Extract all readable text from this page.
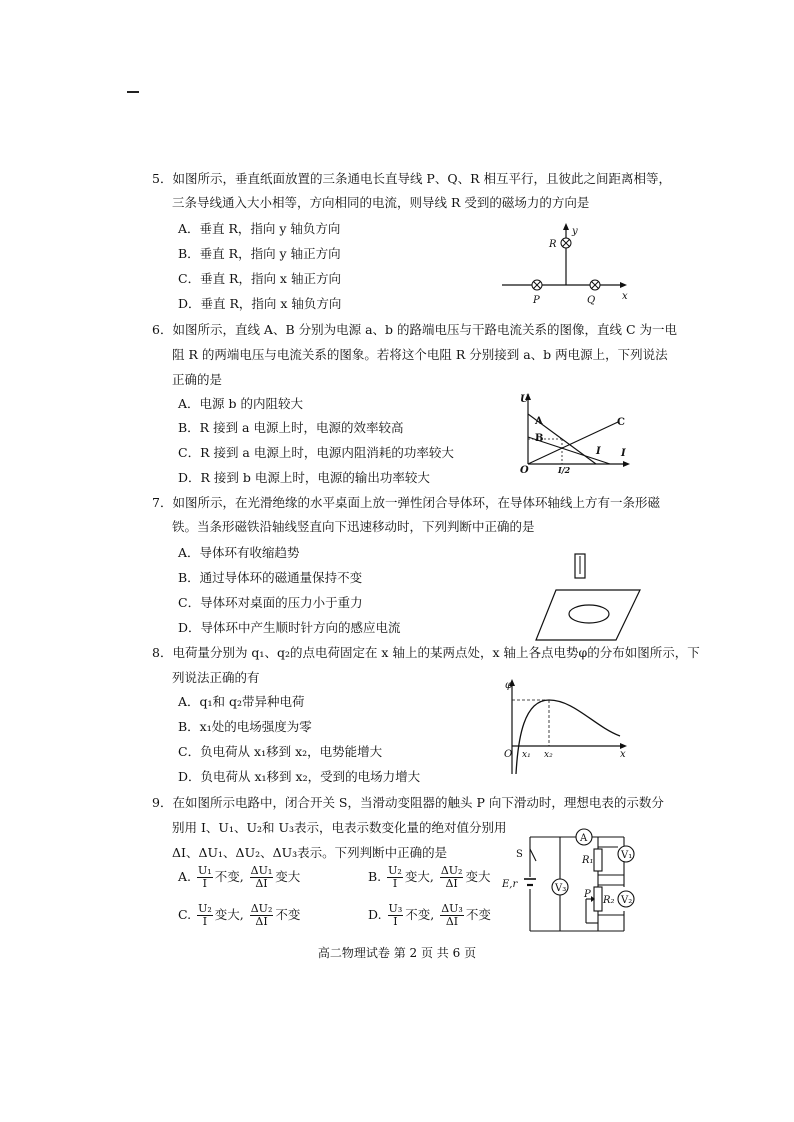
5．如图所示，垂直纸面放置的三条通电长直导线 P、Q、R 相互平行，且彼此之间距离相等，
三条导线通入大小相等，方向相同的电流，则导线 R 受到的磁场力的方向是
A．垂直 R，指向 y 轴负方向
B．垂直 R，指向 y 轴正方向
C．垂直 R，指向 x 轴正方向
D．垂直 R，指向 x 轴负方向
R
y
P	Q	x
6．如图所示，直线 A、B 分别为电源 a、b 的路端电压与干路电流关系的图像，直线 C 为一电
阻 R 的两端电压与电流关系的图象。若将这个电阻 R 分别接到 a、b 两电源上，下列说法
正确的是
A．电源 b 的内阻较大
B．R 接到 a 电源上时，电源的效率较高
C．R 接到 a 电源上时，电源内阻消耗的功率较大
D．R 接到 b 电源上时，电源的输出功率较大
U
A	C
B
O	I/2
I I
7．如图所示，在光滑绝缘的水平桌面上放一弹性闭合导体环，在导体环轴线上方有一条形磁
铁。当条形磁铁沿轴线竖直向下迅速移动时，下列判断中正确的是
A．导体环有收缩趋势
B．通过导体环的磁通量保持不变
C．导体环对桌面的压力小于重力
D．导体环中产生顺时针方向的感应电流
8．电荷量分别为 q₁、q₂的点电荷固定在 x 轴上的某两点处，x 轴上各点电势φ的分布如图所示，下
列说法正确的有
A．q₁和 q₂带异种电荷
B．x₁处的电场强度为零
C．负电荷从 x₁移到 x₂，电势能增大
D．负电荷从 x₁移到 x₂，受到的电场力增大
φ
O x₁ x₂	x
9．在如图所示电路中，闭合开关 S，当滑动变阻器的触头 P 向下滑动时，理想电表的示数分
别用 I、U₁、U₂和 U₃表示，电表示数变化量的绝对值分别用
ΔI、ΔU₁、ΔU₂、ΔU₃表示。下列判断中正确的是
A. $\frac{\text{U₁}}{I}$ 不变, $\frac{\text{ΔU₁}}{\Delta I}$ 变大	B. $\frac{\text{U₂}}{I}$ 变大, $\frac{\text{ΔU₂}}{\Delta I}$ 变大
C. $\frac{\text{U₂}}{I}$ 变大, $\frac{\text{ΔU₂}}{\Delta I}$ 不变	D. $\frac{\text{U₃}}{I}$ 不变, $\frac{\text{ΔU₃}}{\Delta I}$ 不变
A
V₃
V₁
V₂
S
E,r
R₁
P
R₂
高二物理试卷 第 2 页 共 6 页
